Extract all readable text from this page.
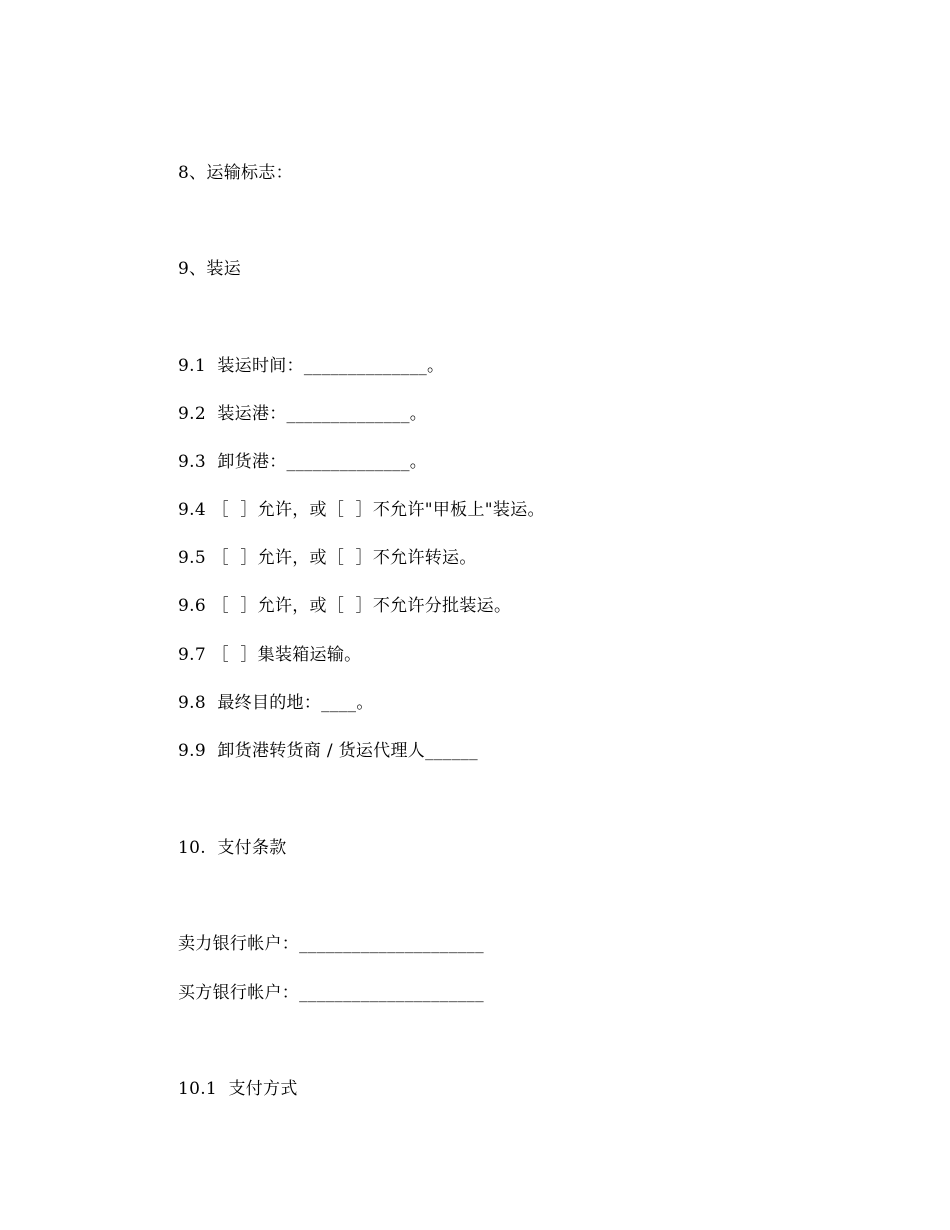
8、运输标志：
9、装运
9.1  装运时间：______________。
9.2  装运港：______________。
9.3  卸货港：______________。
9.4 ［  ］允许，或［  ］不允许"甲板上"装运。
9.5 ［  ］允许，或［  ］不允许转运。
9.6 ［  ］允许，或［  ］不允许分批装运。
9.7 ［  ］集装箱运输。
9.8  最终目的地：____。
9.9  卸货港转货商 / 货运代理人______
10.  支付条款
卖力银行帐户：_____________________
买方银行帐户：_____________________
10.1  支付方式
